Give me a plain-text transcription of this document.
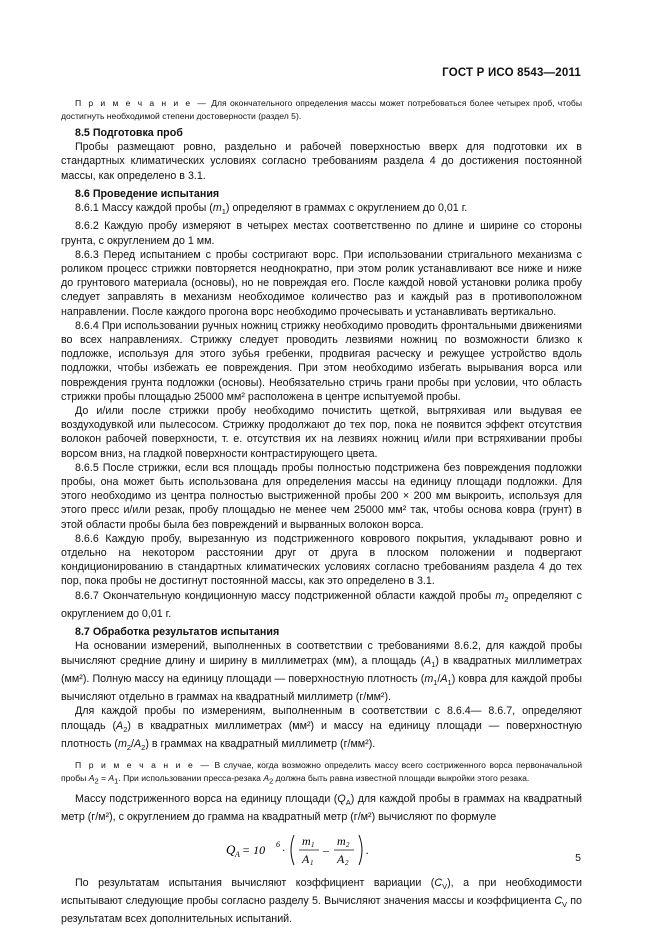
ГОСТ Р ИСО 8543—2011

П р и м е ч а н и е — Для окончательного определения массы может потребоваться более четырех проб, чтобы достигнуть необходимой степени достоверности (раздел 5).

8.5 Подготовка проб

Пробы размещают ровно, раздельно и рабочей поверхностью вверх для подготовки их в стандартных климатических условиях согласно требованиям раздела 4 до достижения постоянной массы, как определено в 3.1.

8.6 Проведение испытания

8.6.1 Массу каждой пробы $(m_1)$ определяют в граммах с округлением до 0,01 г.

8.6.2 Каждую пробу измеряют в четырех местах соответственно по длине и ширине со стороны грунта, с округлением до 1 мм.

8.6.3 Перед испытанием с пробы состригают ворс. При использовании стригального механизма с роликом процесс стрижки повторяется неоднократно, при этом ролик устанавливают все ниже и ниже до грунтового материала (основы), но не повреждая его. После каждой новой установки ролика пробу следует заправлять в механизм необходимое количество раз и каждый раз в противоположном направлении. После каждого прогона ворс необходимо прочесывать и устанавливать вертикально.

8.6.4 При использовании ручных ножниц стрижку необходимо проводить фронтальными движениями во всех направлениях. Стрижку следует проводить лезвиями ножниц по возможности близко к подложке, используя для этого зубья гребенки, продвигая расческу и режущее устройство вдоль подложки, чтобы избежать ее повреждения. При этом необходимо избегать вырывания ворса или повреждения грунта подложки (основы). Необязательно стричь грани пробы при условии, что область стрижки пробы площадью 25000 мм² расположена в центре испытуемой пробы.

До и/или после стрижки пробу необходимо почистить щеткой, вытряхивая или выдувая ее воздуходувкой или пылесосом. Стрижку продолжают до тех пор, пока не появится эффект отсутствия волокон рабочей поверхности, т. е. отсутствия их на лезвиях ножниц и/или при встряхивании пробы ворсом вниз, на гладкой поверхности контрастирующего цвета.

8.6.5 После стрижки, если вся площадь пробы полностью подстрижена без повреждения подложки пробы, она может быть использована для определения массы на единицу площади подложки. Для этого необходимо из центра полностью выстриженной пробы 200 × 200 мм выкроить, используя для этого пресс и/или резак, пробу площадью не менее чем 25000 мм² так, чтобы основа ковра (грунт) в этой области пробы была без повреждений и вырванных волокон ворса.

8.6.6 Каждую пробу, вырезанную из подстриженного коврового покрытия, укладывают ровно и отдельно на некотором расстоянии друг от друга в плоском положении и подвергают кондиционированию в стандартных климатических условиях согласно требованиям раздела 4 до тех пор, пока пробы не достигнут постоянной массы, как это определено в 3.1.

8.6.7 Окончательную кондиционную массу подстриженной области каждой пробы $m_2$ определяют с округлением до 0,01 г.

8.7 Обработка результатов испытания

На основании измерений, выполненных в соответствии с требованиями 8.6.2, для каждой пробы вычисляют средние длину и ширину в миллиметрах (мм), а площадь $(A_1)$ в квадратных миллиметрах (мм²). Полную массу на единицу площади — поверхностную плотность $(m_1/A_1)$ ковра для каждой пробы вычисляют отдельно в граммах на квадратный миллиметр (г/мм²).

Для каждой пробы по измерениям, выполненным в соответствии с 8.6.4— 8.6.7, определяют площадь $(A_2)$ в квадратных миллиметрах (мм²) и массу на единицу площади — поверхностную плотность $(m_2/A_2)$ в граммах на квадратный миллиметр (г/мм²).

П р и м е ч а н и е — В случае, когда возможно определить массу всего состриженного ворса первоначальной пробы $A_2 = A_1$. При использовании пресса-резака $A_2$ должна быть равна известной площади выкройки этого резака.

Массу подстриженного ворса на единицу площади $(Q_A)$ для каждой пробы в граммах на квадратный метр (г/м²), с округлением до грамма на квадратный метр (г/м²) вычисляют по формуле

Q A = 10 6 ·
m 1
A 1
–
m 2
A 2
.

По результатам испытания вычисляют коэффициент вариации $(C_V)$, а при необходимости испытывают следующие пробы согласно разделу 5. Вычисляют значения массы и коэффициента $C_V$ по результатам всех дополнительных испытаний.

5
